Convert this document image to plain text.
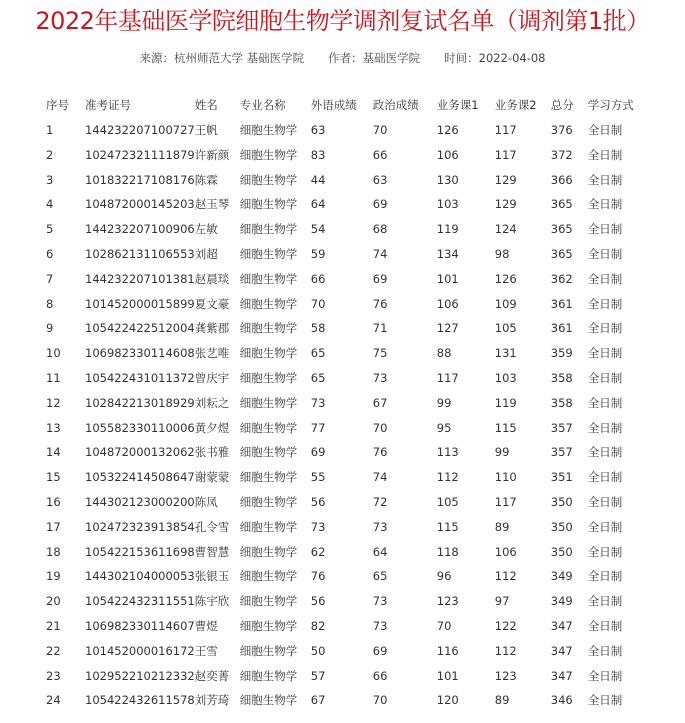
2022年基础医学院细胞生物学调剂复试名单（调剂第1批）
来源：杭州师范大学 基础医学院 作者：基础医学院 时间：2022-04-08
序号	准考证号	姓名	专业名称	外语成绩	政治成绩	业务课1	业务课2	总分	学习方式
1	144232207100727	王帆	细胞生物学	63	70	126	117	376	全日制
2	102472321111879	许新颜	细胞生物学	83	66	106	117	372	全日制
3	101832217108176	陈霖	细胞生物学	44	63	130	129	366	全日制
4	104872000145203	赵玉琴	细胞生物学	64	69	103	129	365	全日制
5	144232207100906	左敏	细胞生物学	54	68	119	124	365	全日制
6	102862131106553	刘超	细胞生物学	59	74	134	98	365	全日制
7	144232207101381	赵晨琰	细胞生物学	66	69	101	126	362	全日制
8	101452000015899	夏文豪	细胞生物学	70	76	106	109	361	全日制
9	105422422512004	龚紫郡	细胞生物学	58	71	127	105	361	全日制
10	106982330114608	张艺唯	细胞生物学	65	75	88	131	359	全日制
11	105422431011372	曾庆宇	细胞生物学	65	73	117	103	358	全日制
12	102842213018929	刘耘之	细胞生物学	73	67	99	119	358	全日制
13	105582330110006	黄夕煜	细胞生物学	77	70	95	115	357	全日制
14	104872000132062	张书雅	细胞生物学	69	76	113	99	357	全日制
15	105322414508647	谢蒙蒙	细胞生物学	55	74	112	110	351	全日制
16	144302123000200	陈凤	细胞生物学	56	72	105	117	350	全日制
17	102472323913854	孔令雪	细胞生物学	73	73	115	89	350	全日制
18	105422153611698	曹智慧	细胞生物学	62	64	118	106	350	全日制
19	144302104000053	张银玉	细胞生物学	76	65	96	112	349	全日制
20	105422432311551	陈宇欣	细胞生物学	56	73	123	97	349	全日制
21	106982330114607	曹煜	细胞生物学	82	73	70	122	347	全日制
22	101452000016172	王雪	细胞生物学	50	69	116	112	347	全日制
23	102952210212332	赵奕菁	细胞生物学	57	66	101	123	347	全日制
24	105422432611578	刘芳琦	细胞生物学	67	70	120	89	346	全日制
